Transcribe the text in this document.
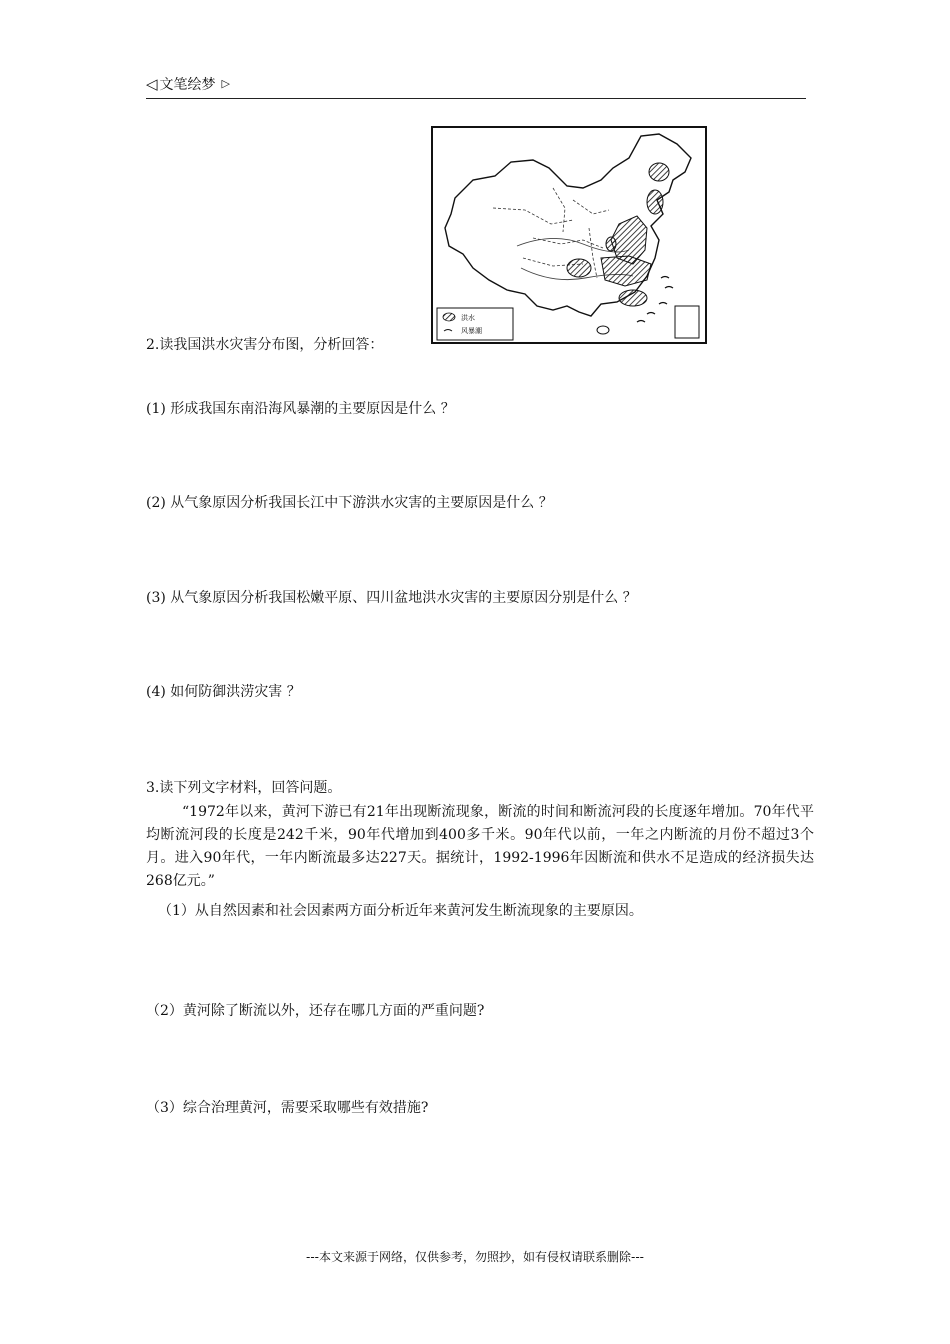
◁ 文笔绘梦 ▷
洪水
风暴潮
2.读我国洪水灾害分布图，分析回答：
(1) 形成我国东南沿海风暴潮的主要原因是什么 ？
(2) 从气象原因分析我国长江中下游洪水灾害的主要原因是什么 ？
(3) 从气象原因分析我国松嫩平原、四川盆地洪水灾害的主要原因分别是什么 ？
(4) 如何防御洪涝灾害 ？
3.读下列文字材料，回答问题。
“1972年以来，黄河下游已有21年出现断流现象，断流的时间和断流河段的长度逐年增加。70年代平均断流河段的长度是242千米，90年代增加到400多千米。90年代以前，一年之内断流的月份不超过3个月。进入90年代，一年内断流最多达227天。据统计，1992-1996年因断流和供水不足造成的经济损失达268亿元。”
（1）从自然因素和社会因素两方面分析近年来黄河发生断流现象的主要原因。
（2）黄河除了断流以外，还存在哪几方面的严重问题?
（3）综合治理黄河，需要采取哪些有效措施?
---本文来源于网络，仅供参考，勿照抄，如有侵权请联系删除---
